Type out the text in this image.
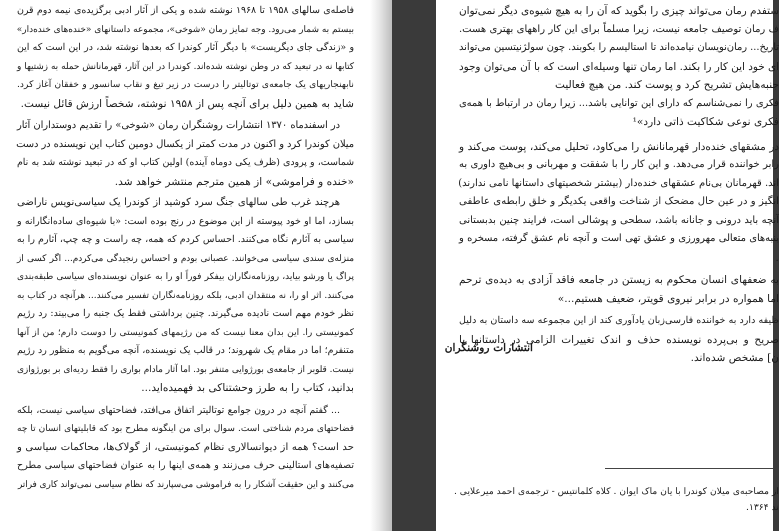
فاصله‌ی سالهای ۱۹۵۸ تا ۱۹۶۸ نوشته شده و یکی از آثار ادبی برگزیده‌ی نیمه دوم قرن
بیستم به شمار می‌رود. وجه تمایز رمان «شوخی»، مجموعه داستانهای «خنده‌های خنده‌دار»
و «زندگی جای دیگریست» با دیگر آثار کوندرا که بعدها نوشته شد، در این است که این
کتابها نه در تبعید که در وطن نوشته شده‌اند. کوندرا در این آثار، قهرمانانش حمله به زشتیها و
نابهنجاریهای یک جامعه‌ی توتالیتر را درست در زیر تیغ و نقاب سانسور و خفقان آغاز کرد.
شاید به همین دلیل برای آنچه پس از ۱۹۵۸ نوشته، شخصاً ارزش قائل نیست.
در اسفندماه ۱۳۷۰ انتشارات روشنگران رمان «شوخی» را تقدیم دوستداران آثار
میلان کوندرا کرد و اکنون در مدت کمتر از یکسال دومین کتاب این نویسنده در دست
شماست، و پرودی (ظرف یکی دوماه آینده) اولین کتاب او که در تبعید نوشته شد به نام
«خنده و فراموشی» از همین مترجم منتشر خواهد شد.
هرچند غرب طی سالهای جنگ سرد کوشید از کوندرا یک سیاسی‌نویس ناراضی
بسازد، اما او خود پیوسته از این موضوع در رنج بوده است: «با شیوه‌ای ساده‌انگارانه و
سیاسی به آثارم نگاه می‌کنند. احساس کردم که همه، چه راست و چه چپ، آثارم را به
منزله‌ی سندی سیاسی می‌خوانند. عصبانی بودم و احساس رنجیدگی می‌کردم... اگر کسی از
پراگ یا ورشو بیاید، روزنامه‌نگاران بیفکر فوراً او را به عنوان نویسنده‌ای سیاسی طبقه‌بندی
می‌کنند. اثر او را، نه منتقدان ادبی، بلکه روزنامه‌نگاران تفسیر می‌کنند... هرآنچه در کتاب به
نظر خودم مهم است نادیده می‌گیرند. چنین برداشتی فقط یک جنبه را می‌بیند: رد رژیم
کمونیستی را. این بدان معنا نیست که من رژیمهای کمونیستی را دوست دارم؛ من از آنها
متنفرم؛ اما در مقام یک شهروند؛ در قالب یک نویسنده، آنچه می‌گویم به منظور رد رژیم
نیست. قلوبر از جامعه‌ی بورژوایی متنفر بود. اما آثار مادام بواری را فقط ردیه‌ای بر بورژوازی
بدانید، کتاب را به طرز وحشتناکی بد فهمیده‌اید...
... گفتم آنچه در درون جوامع توتالیتر اتفاق می‌افتد، فضاحتهای سیاسی نیست، بلکه
فضاحتهای مردم شناختی است. سوال برای من اینگونه مطرح بود که قابلیتهای انسان تا چه
حد است؟ همه از دیوانسالاری نظام کمونیستی، از گولاک‌ها، محاکمات سیاسی و
تصفیه‌های استالینی حرف می‌زنند و همه‌ی اینها را به عنوان فضاحتهای سیاسی مطرح
می‌کنند و این حقیقت آشکار را به فراموشی می‌سپارند که نظام سیاسی نمی‌تواند کاری فراتر
ستفدم رمان می‌تواند چیزی را بگوید که آن را به هیچ شیوه‌ی دیگر نمی‌توان
ف رمان توصیف جامعه نیست، زیرا مسلماً برای این کار راههای بهتری هست.
تاریخ... رمان‌نویسان نیامده‌اند تا استالیسم را بکوبند. چون سولژنیتسین می‌تواند
ای خود این کار را بکند. اما رمان تنها وسیله‌ای است که با آن می‌توان وجود
جنبه‌هایش تشریح کرد و پوست کند. من هیچ فعالیت
فکری را نمی‌شناسم که دارای این توانایی باشد... زیرا رمان در ارتباط با همه‌ی
فکری نوعی شکاکیت ذاتی دارد»¹
در مشقهای خنده‌دار قهرمانانش را می‌کاود، تحلیل می‌کند، پوست می‌کند و
رابر خواننده قرار می‌دهد. و این کار را با شفقت و مهربانی و بی‌هیچ داوری به
اند. قهرمانان بی‌نام عشقهای خنده‌دار (بیشتر شخصیتهای داستانها نامی ندارند)
انگیز و در عین حال مضحک از شناخت واقعی یکدیگر و خلق رابطه‌ی عاطفی
آنچه باید درونی و جانانه باشد، سطحی و پوشالی است، فرایند چنین بدبستانی
بنبه‌های متعالی مهرورزی و عشق تهی است و آنچه نام عشق گرفته، مسخره و
.
به ضعفهای انسان محکوم به زیستن در جامعه فاقد آزادی به دیده‌ی ترحم
اما همواره در برابر نیروی قویتر، ضعیف هستیم...»
ظیفه دارد به خواننده فارسی‌زبان یادآوری کند از این مجموعه سه داستان به دلیل
صریح و بی‌پرده نویسنده حذف و اندک تغییرات الزامی در داستانها با
ن] مشخص شده‌اند.
انتشارات روشنگران
از مصاحبه‌ی میلان کوندرا با یان ماک ایوان . کلاه کلمانتیس - ترجمه‌ی احمد میرعلایی .
ند ۱۳۶۴.
